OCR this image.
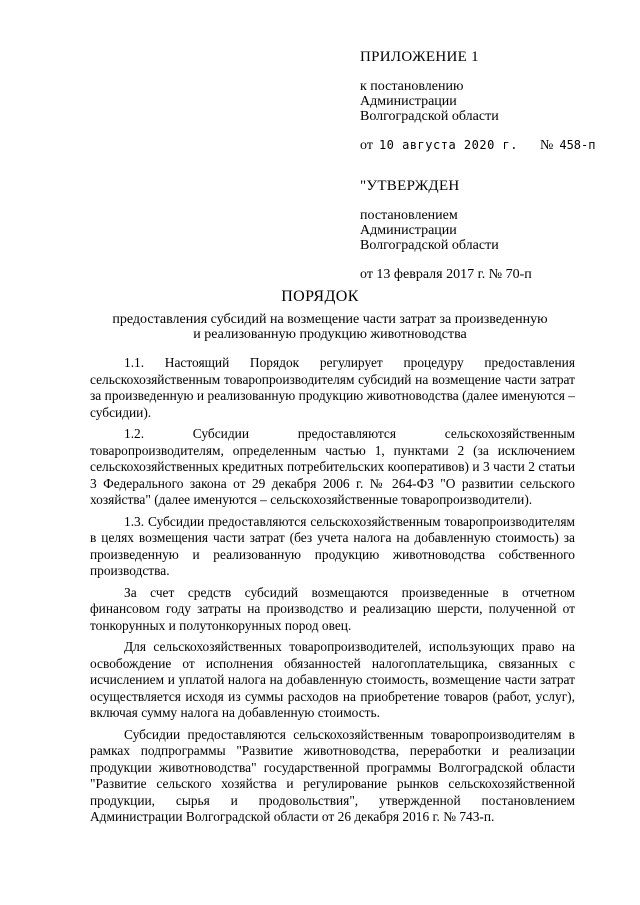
ПРИЛОЖЕНИЕ 1
к постановлению
Администрации
Волгоградской области
от 10 августа 2020 г. № 458-п
"УТВЕРЖДЕН
постановлением
Администрации
Волгоградской области
от 13 февраля 2017 г. № 70-п
ПОРЯДОК
предоставления субсидий на возмещение части затрат за произведенную
и реализованную продукцию животноводства

1.1. Настоящий Порядок регулирует процедуру предоставления сельскохозяйственным товаропроизводителям субсидий на возмещение части затрат за произведенную и реализованную продукцию животноводства (далее именуются – субсидии).

1.2. Субсидии предоставляются сельскохозяйственным товаропроизводителям, определенным частью 1, пунктами 2 (за исключением сельскохозяйственных кредитных потребительских кооперативов) и 3 части 2 статьи 3 Федерального закона от 29 декабря 2006 г. № 264-ФЗ "О развитии сельского хозяйства" (далее именуются – сельскохозяйственные товаропроизводители).

1.3. Субсидии предоставляются сельскохозяйственным товаропроизводителям в целях возмещения части затрат (без учета налога на добавленную стоимость) за произведенную и реализованную продукцию животноводства собственного производства.

За счет средств субсидий возмещаются произведенные в отчетном финансовом году затраты на производство и реализацию шерсти, полученной от тонкорунных и полутонкорунных пород овец.

Для сельскохозяйственных товаропроизводителей, использующих право на освобождение от исполнения обязанностей налогоплательщика, связанных с исчислением и уплатой налога на добавленную стоимость, возмещение части затрат осуществляется исходя из суммы расходов на приобретение товаров (работ, услуг), включая сумму налога на добавленную стоимость.

Субсидии предоставляются сельскохозяйственным товаропроизводителям в рамках подпрограммы "Развитие животноводства, переработки и реализации продукции животноводства" государственной программы Волгоградской области "Развитие сельского хозяйства и регулирование рынков сельскохозяйственной продукции, сырья и продовольствия", утвержденной постановлением Администрации Волгоградской области от 26 декабря 2016 г. № 743-п.
